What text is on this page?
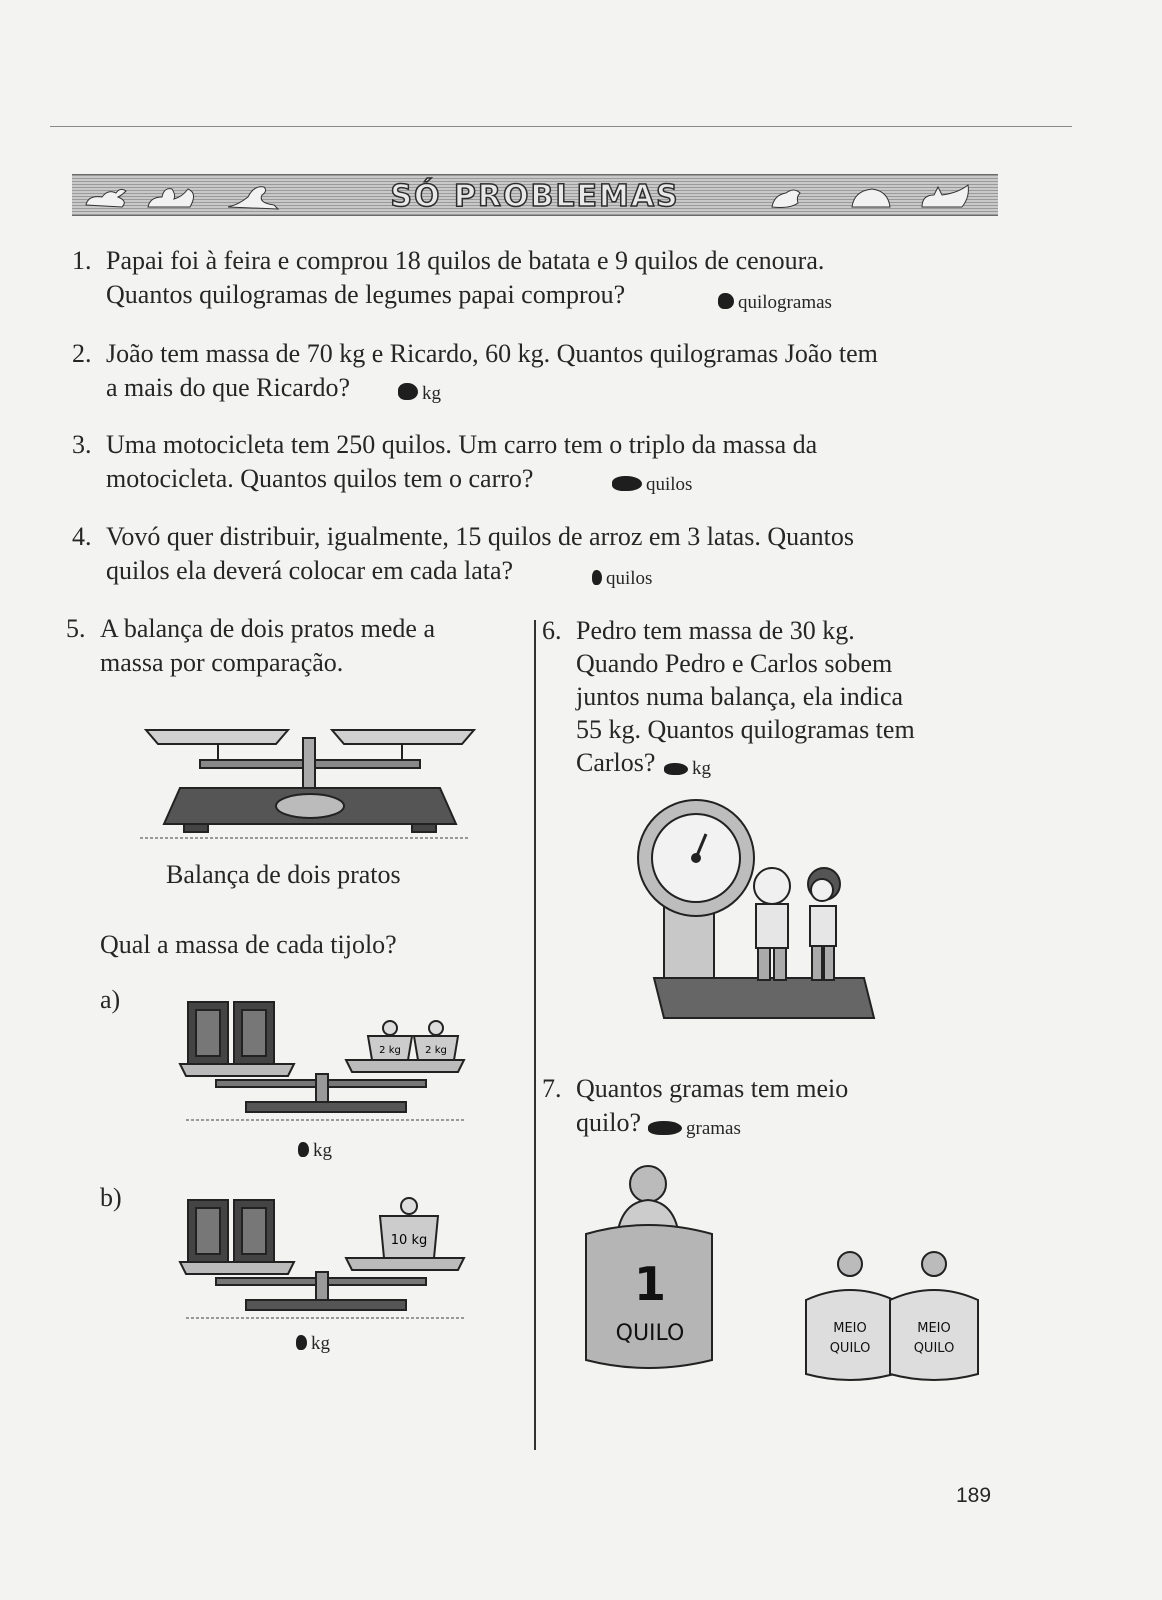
SÓ PROBLEMAS
1. Papai foi à feira e comprou 18 quilos de batata e 9 quilos de cenoura.
Quantos quilogramas de legumes papai comprou?	quilogramas
2. João tem massa de 70 kg e Ricardo, 60 kg. Quantos quilogramas João tem
a mais do que Ricardo?	kg
3. Uma motocicleta tem 250 quilos. Um carro tem o triplo da massa da
motocicleta. Quantos quilos tem o carro?	quilos
4. Vovó quer distribuir, igualmente, 15 quilos de arroz em 3 latas. Quantos
quilos ela deverá colocar em cada lata?	quilos
5. A balança de dois pratos mede a
massa por comparação.
Balança de dois pratos
Qual a massa de cada tijolo?
a)
2 kg 2 kg
kg
b)
10 kg
kg
6. Pedro tem massa de 30 kg.
Quando Pedro e Carlos sobem
juntos numa balança, ela indica
55 kg. Quantos quilogramas tem
Carlos?	kg
7. Quantos gramas tem meio
quilo?	gramas
1
QUILO	MEIO
QUILO
MEIO
QUILO
189
